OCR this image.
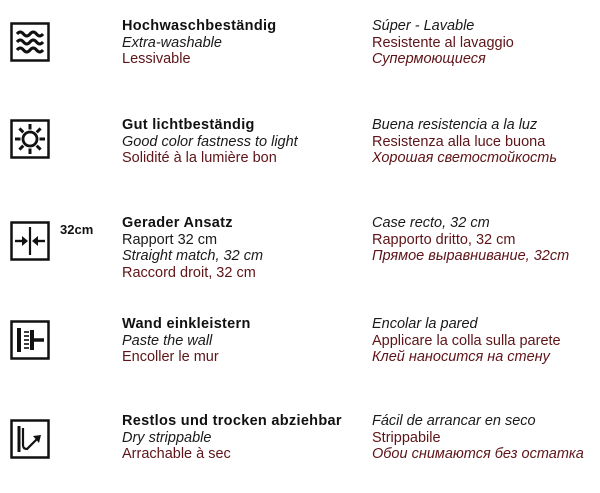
Hochwaschbeständig
Extra-washable
Lessivable
Súper - Lavable
Resistente al lavaggio
Супермоющиеся
Gut lichtbeständig
Good color fastness to light
Solidité à la lumière bon
Buena resistencia a la luz
Resistenza alla luce buona
Хорошая светостойкость
32cm Gerader Ansatz
Rapport 32 cm
Straight match, 32 cm
Raccord droit, 32 cm
Case recto, 32 cm
Rapporto dritto, 32 cm
Прямое выравнивание, 32cm
Wand einkleistern
Paste the wall
Encoller le mur
Encolar la pared
Applicare la colla sulla parete
Клей наносится на стену
Restlos und trocken abziehbar
Dry strippable
Arrachable à sec
Fácil de arrancar en seco
Strippabile
Обои снимаются без остатка
